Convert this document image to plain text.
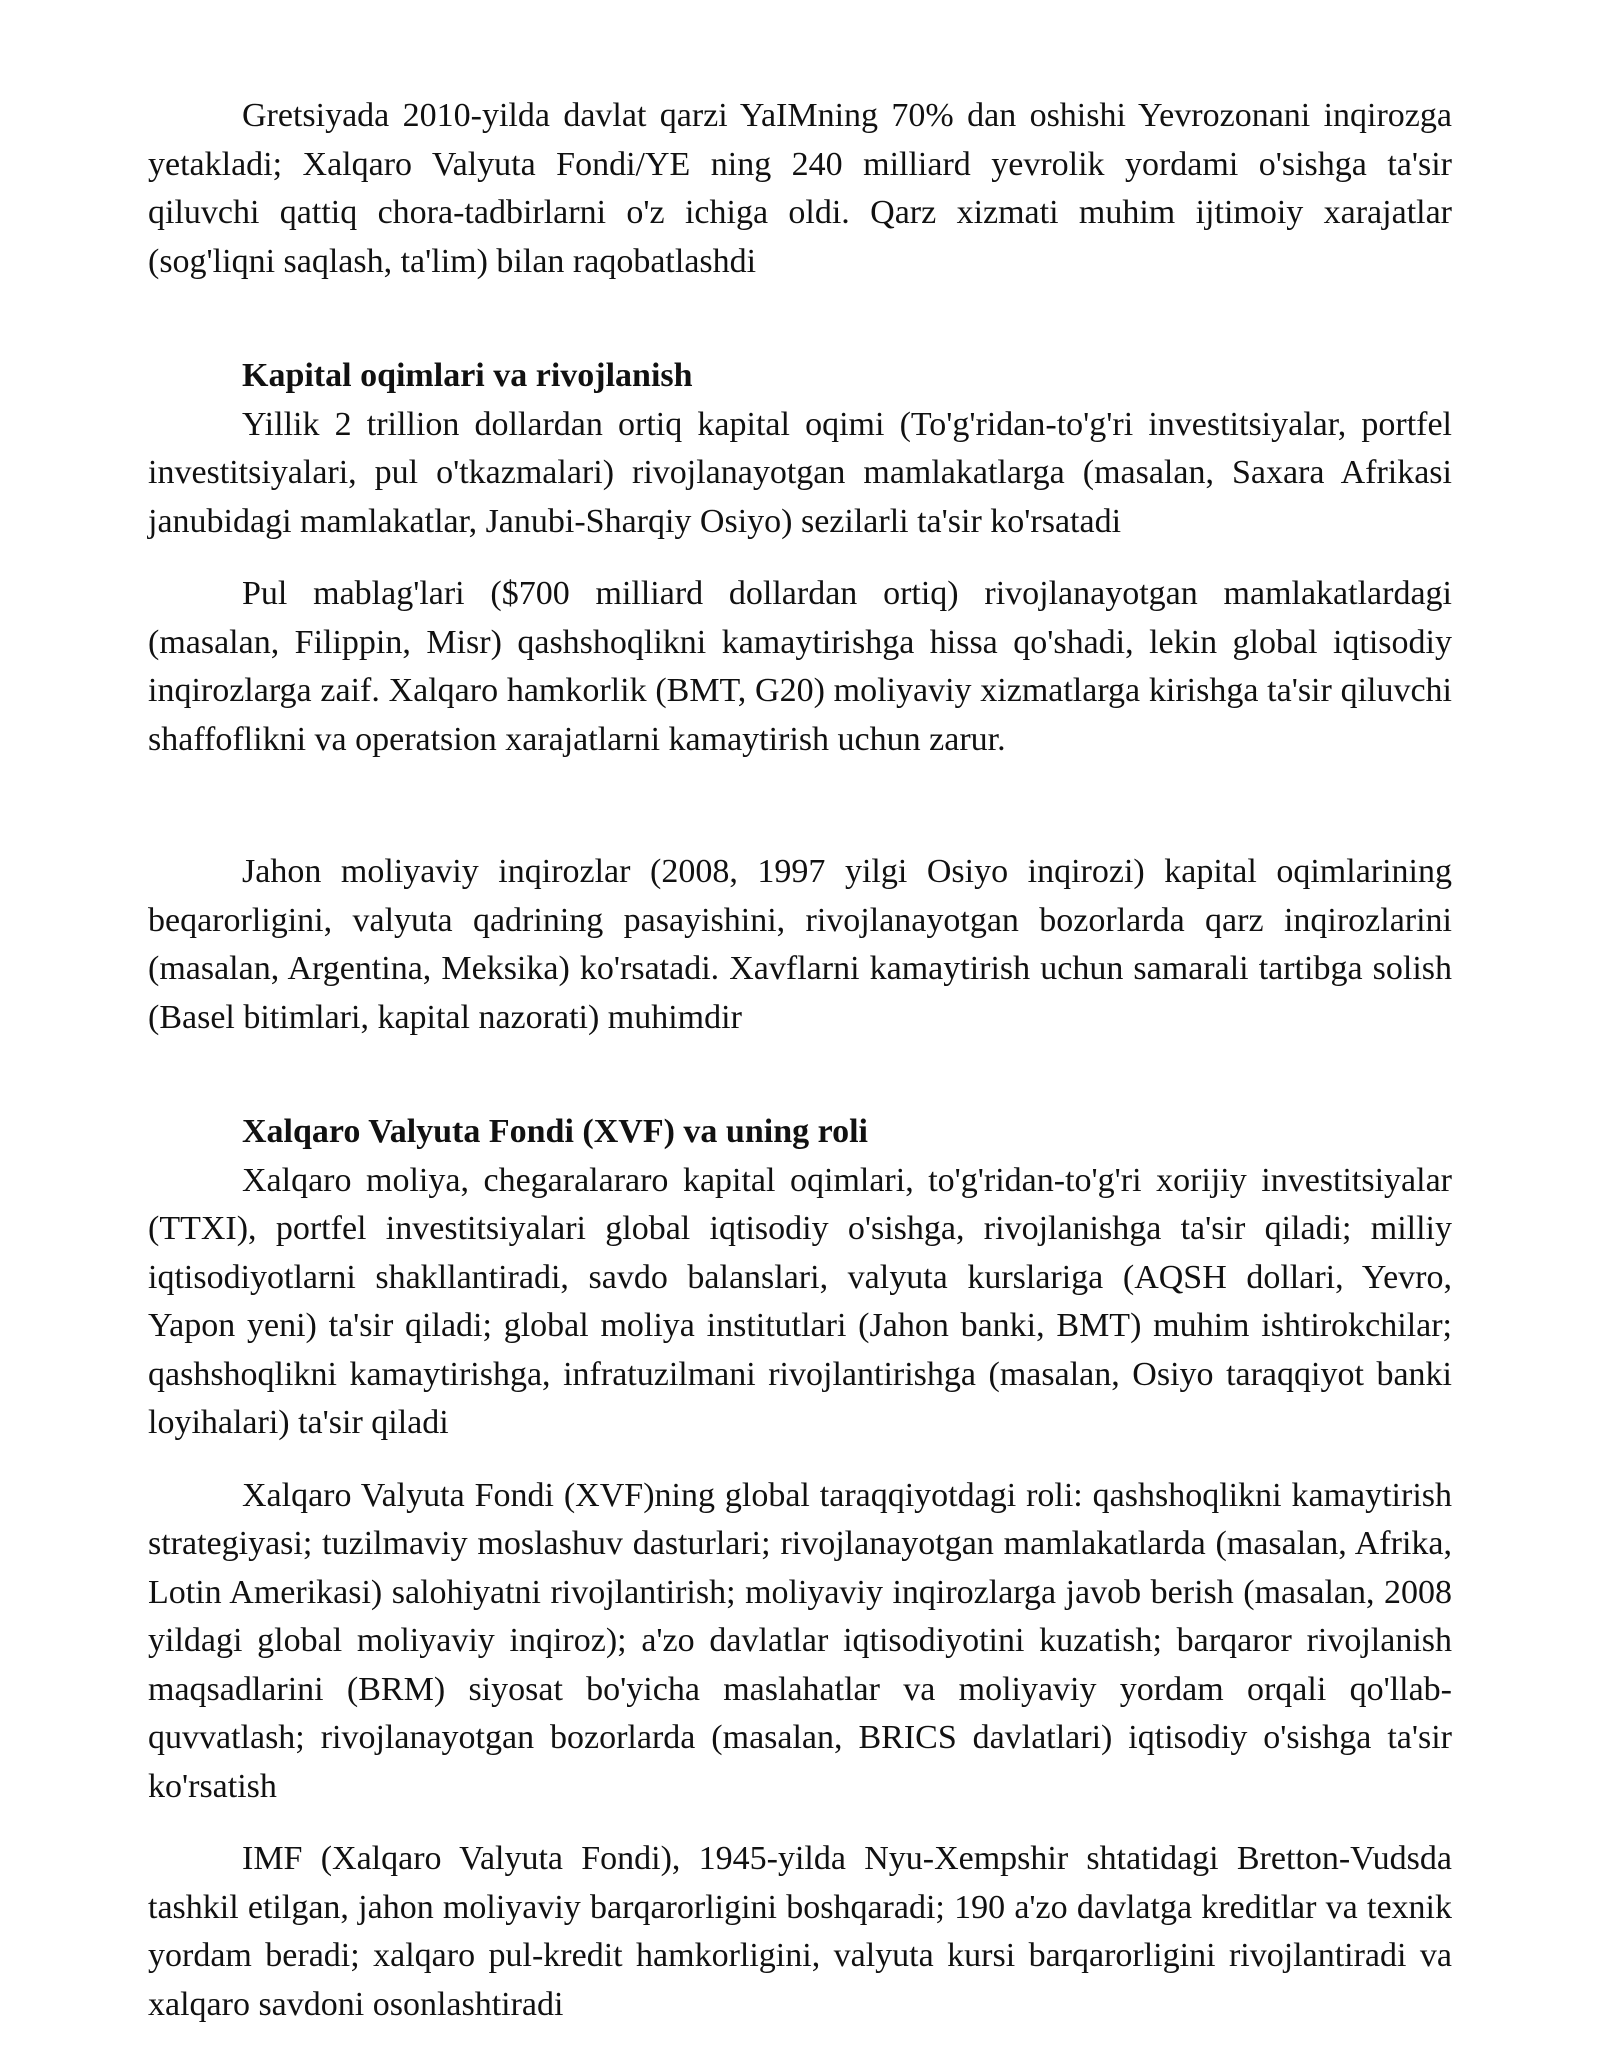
Gretsiyada 2010-yilda davlat qarzi YaIMning 70% dan oshishi Yevrozonani inqirozga yetakladi; Xalqaro Valyuta Fondi/YE ning 240 milliard yevrolik yordami o'sishga ta'sir qiluvchi qattiq chora-tadbirlarni o'z ichiga oldi. Qarz xizmati muhim ijtimoiy xarajatlar (sog'liqni saqlash, ta'lim) bilan raqobatlashdi

Kapital oqimlari va rivojlanish

Yillik 2 trillion dollardan ortiq kapital oqimi (To'g'ridan-to'g'ri investitsiyalar, portfel investitsiyalari, pul o'tkazmalari) rivojlanayotgan mamlakatlarga (masalan, Saxara Afrikasi janubidagi mamlakatlar, Janubi-Sharqiy Osiyo) sezilarli ta'sir ko'rsatadi

Pul mablag'lari ($700 milliard dollardan ortiq) rivojlanayotgan mamlakatlardagi (masalan, Filippin, Misr) qashshoqlikni kamaytirishga hissa qo'shadi, lekin global iqtisodiy inqirozlarga zaif. Xalqaro hamkorlik (BMT, G20) moliyaviy xizmatlarga kirishga ta'sir qiluvchi shaffoflikni va operatsion xarajatlarni kamaytirish uchun zarur.

Jahon moliyaviy inqirozlar (2008, 1997 yilgi Osiyo inqirozi) kapital oqimlarining beqarorligini, valyuta qadrining pasayishini, rivojlanayotgan bozorlarda qarz inqirozlarini (masalan, Argentina, Meksika) ko'rsatadi. Xavflarni kamaytirish uchun samarali tartibga solish (Basel bitimlari, kapital nazorati) muhimdir

Xalqaro Valyuta Fondi (XVF) va uning roli

Xalqaro moliya, chegaralararo kapital oqimlari, to'g'ridan-to'g'ri xorijiy investitsiyalar (TTXI), portfel investitsiyalari global iqtisodiy o'sishga, rivojlanishga ta'sir qiladi; milliy iqtisodiyotlarni shakllantiradi, savdo balanslari, valyuta kurslariga (AQSH dollari, Yevro, Yapon yeni) ta'sir qiladi; global moliya institutlari (Jahon banki, BMT) muhim ishtirokchilar; qashshoqlikni kamaytirishga, infratuzilmani rivojlantirishga (masalan, Osiyo taraqqiyot banki loyihalari) ta'sir qiladi

Xalqaro Valyuta Fondi (XVF)ning global taraqqiyotdagi roli: qashshoqlikni kamaytirish strategiyasi; tuzilmaviy moslashuv dasturlari; rivojlanayotgan mamlakatlarda (masalan, Afrika, Lotin Amerikasi) salohiyatni rivojlantirish; moliyaviy inqirozlarga javob berish (masalan, 2008 yildagi global moliyaviy inqiroz); a'zo davlatlar iqtisodiyotini kuzatish; barqaror rivojlanish maqsadlarini (BRM) siyosat bo'yicha maslahatlar va moliyaviy yordam orqali qo'llab-quvvatlash; rivojlanayotgan bozorlarda (masalan, BRICS davlatlari) iqtisodiy o'sishga ta'sir ko'rsatish

IMF (Xalqaro Valyuta Fondi), 1945-yilda Nyu-Xempshir shtatidagi Bretton-Vudsda tashkil etilgan, jahon moliyaviy barqarorligini boshqaradi; 190 a'zo davlatga kreditlar va texnik yordam beradi; xalqaro pul-kredit hamkorligini, valyuta kursi barqarorligini rivojlantiradi va xalqaro savdoni osonlashtiradi
